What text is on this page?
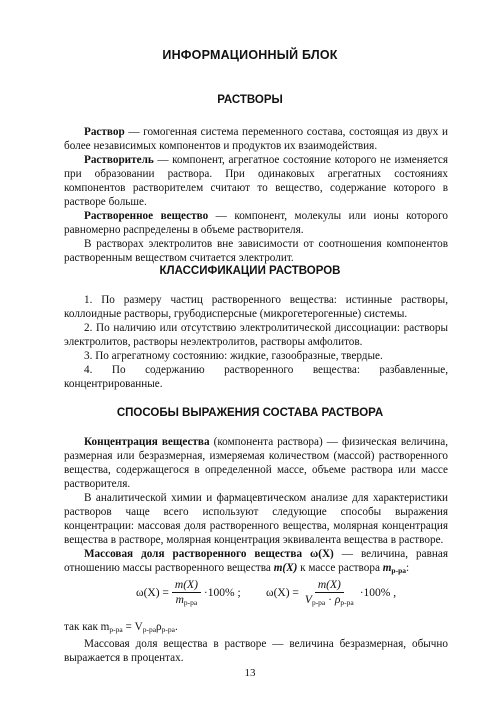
ИНФОРМАЦИОННЫЙ БЛОК
РАСТВОРЫ

Раствор — гомогенная система переменного состава, состоящая из двух и более независимых компонентов и продуктов их взаимодействия.

Растворитель — компонент, агрегатное состояние которого не изменяется при образовании раствора. При одинаковых агрегатных состояниях компонентов растворителем считают то вещество, содержание которого в растворе больше.

Растворенное вещество — компонент, молекулы или ионы которого равномерно распределены в объеме растворителя.

В растворах электролитов вне зависимости от соотношения компонентов растворенным веществом считается электролит.

КЛАССИФИКАЦИИ РАСТВОРОВ

1. По размеру частиц растворенного вещества: истинные растворы, коллоидные растворы, грубодисперсные (микрогетерогенные) системы.

2. По наличию или отсутствию электролитической диссоциации: растворы электролитов, растворы неэлектролитов, растворы амфолитов.

3. По агрегатному состоянию: жидкие, газообразные, твердые.

4. По содержанию растворенного вещества: разбавленные, концентрированные.

СПОСОБЫ ВЫРАЖЕНИЯ СОСТАВА РАСТВОРА

Концентрация вещества (компонента раствора) — физическая величина, размерная или безразмерная, измеряемая количеством (массой) растворенного вещества, содержащегося в определенной массе, объеме раствора или массе растворителя.

В аналитической химии и фармацевтическом анализе для характеристики растворов чаще всего используют следующие способы выражения концентрации: массовая доля растворенного вещества, молярная концентрация вещества в растворе, молярная концентрация эквивалента вещества в растворе.

Массовая доля растворенного вещества ω(X) — величина, равная отношению массы растворенного вещества m(X) к массе раствора $m_{р-ра}$:

$\omega(X) = \frac{m(X)}{m_{р-ра}} \cdot 100\%$ ; $\omega(X) = \frac{m(X)}{V_{р-ра} \cdot \rho_{р-ра}} \cdot 100\%$ ,

так как $m_{р-ра} = V_{р-ра}\rho_{р-ра}$.

Массовая доля вещества в растворе — величина безразмерная, обычно выражается в процентах.

13
